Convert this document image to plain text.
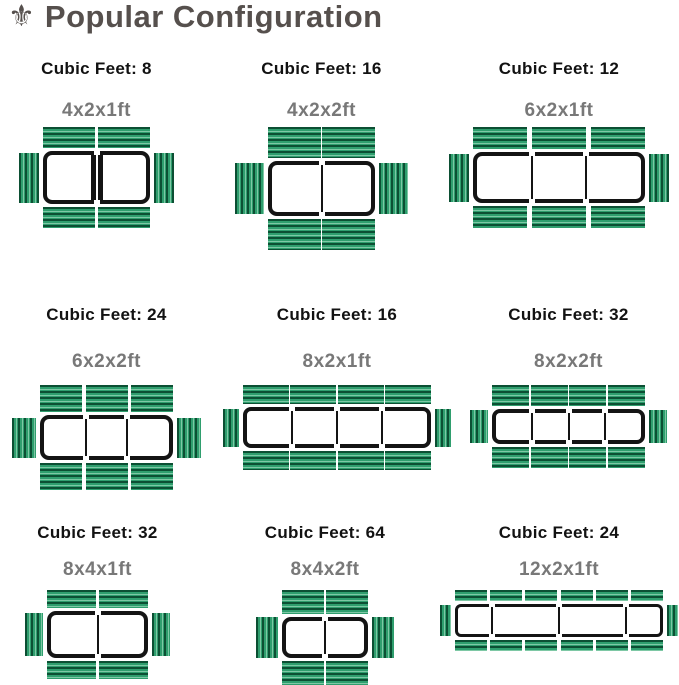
⚜ Popular Configuration
Cubic Feet: 8
4x2x1ft
Cubic Feet: 16
4x2x2ft
Cubic Feet: 12
6x2x1ft
Cubic Feet: 24
6x2x2ft
Cubic Feet: 16
8x2x1ft
Cubic Feet: 32
8x2x2ft
Cubic Feet: 32
8x4x1ft
Cubic Feet: 64
8x4x2ft
Cubic Feet: 24
12x2x1ft
